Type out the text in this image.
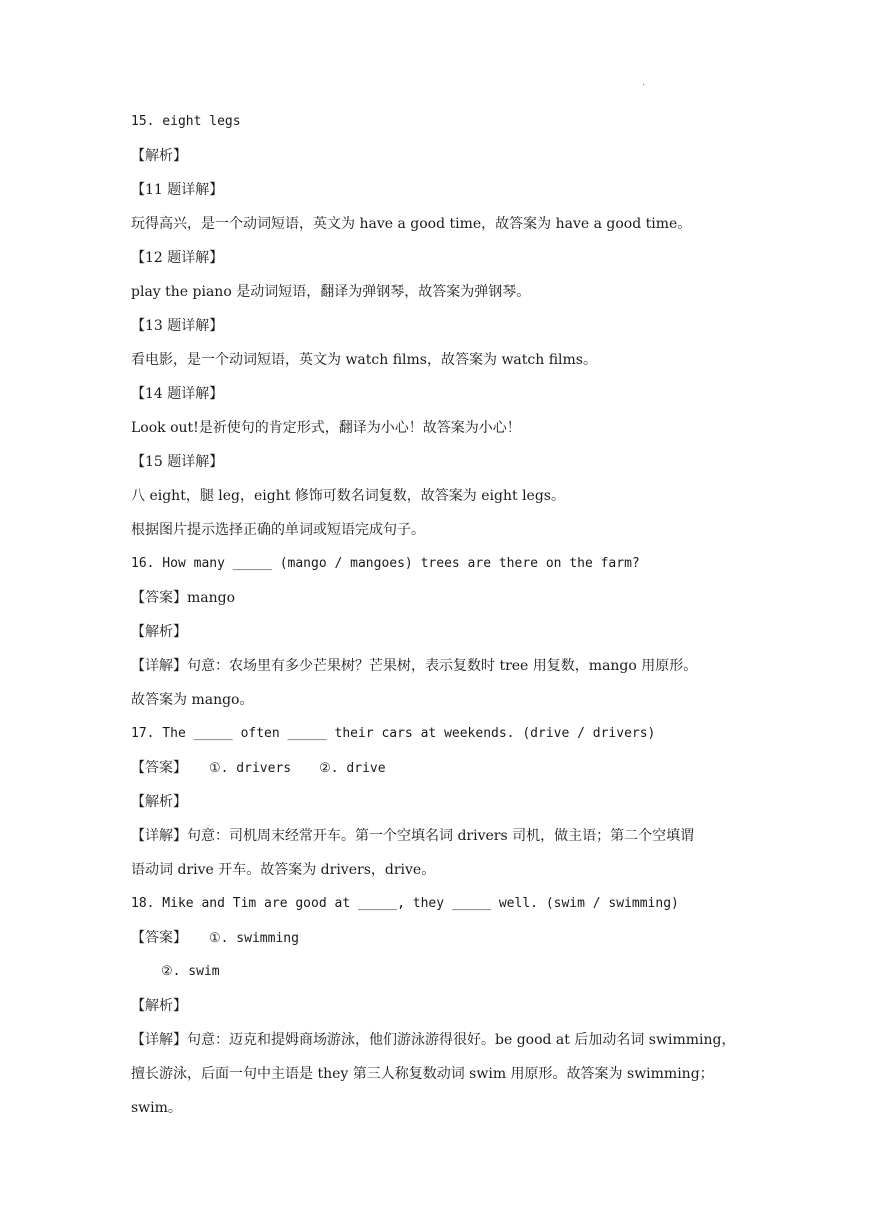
·
15. eight legs
【解析】
【11 题详解】
玩得高兴，是一个动词短语，英文为 have a good time，故答案为 have a good time。
【12 题详解】
play the piano 是动词短语，翻译为弹钢琴，故答案为弹钢琴。
【13 题详解】
看电影，是一个动词短语，英文为 watch films，故答案为 watch films。
【14 题详解】
Look out!是祈使句的肯定形式，翻译为小心！故答案为小心！
【15 题详解】
八 eight，腿 leg，eight 修饰可数名词复数，故答案为 eight legs。
根据图片提示选择正确的单词或短语完成句子。
16. How many _____ (mango / mangoes) trees are there on the farm?
【答案】mango
【解析】
【详解】句意：农场里有多少芒果树？芒果树，表示复数时 tree 用复数，mango 用原形。
故答案为 mango。
17. The _____ often _____ their cars at weekends. (drive / drivers)
【答案】 ①. drivers ②. drive
【解析】
【详解】句意：司机周末经常开车。第一个空填名词 drivers 司机，做主语；第二个空填谓
语动词 drive 开车。故答案为 drivers，drive。
18. Mike and Tim are good at _____, they _____ well. (swim / swimming)
【答案】 ①. swimming
②. swim
【解析】
【详解】句意：迈克和提姆商场游泳，他们游泳游得很好。be good at 后加动名词 swimming，
擅长游泳，后面一句中主语是 they 第三人称复数动词 swim 用原形。故答案为 swimming；
swim。
